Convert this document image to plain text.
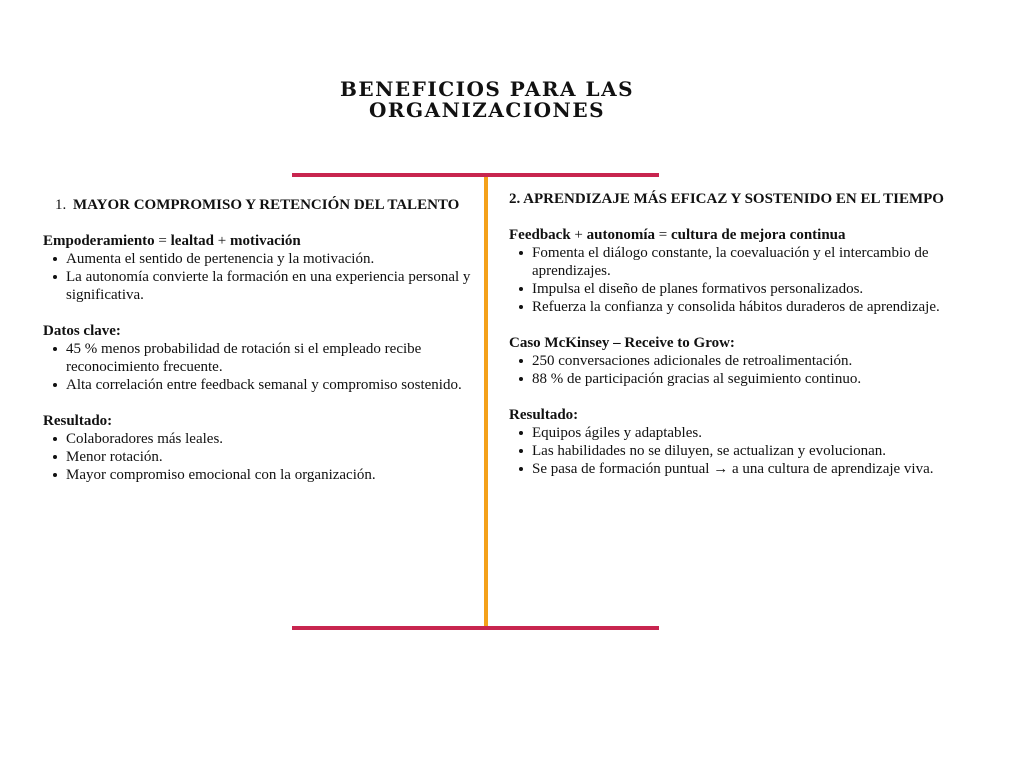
BENEFICIOS PARA LAS
ORGANIZACIONES
1. MAYOR COMPROMISO Y RETENCIÓN DEL TALENTO
Empoderamiento = lealtad + motivación
Aumenta el sentido de pertenencia y la motivación.
La autonomía convierte la formación en una experiencia personal y significativa.
Datos clave:
45 % menos probabilidad de rotación si el empleado recibe reconocimiento frecuente.
Alta correlación entre feedback semanal y compromiso sostenido.
Resultado:
Colaboradores más leales.
Menor rotación.
Mayor compromiso emocional con la organización.
2. APRENDIZAJE MÁS EFICAZ Y SOSTENIDO EN EL TIEMPO
Feedback + autonomía = cultura de mejora continua
Fomenta el diálogo constante, la coevaluación y el intercambio de aprendizajes.
Impulsa el diseño de planes formativos personalizados.
Refuerza la confianza y consolida hábitos duraderos de aprendizaje.
Caso McKinsey – Receive to Grow:
250 conversaciones adicionales de retroalimentación.
88 % de participación gracias al seguimiento continuo.
Resultado:
Equipos ágiles y adaptables.
Las habilidades no se diluyen, se actualizan y evolucionan.
Se pasa de formación puntual → a una cultura de aprendizaje viva.
